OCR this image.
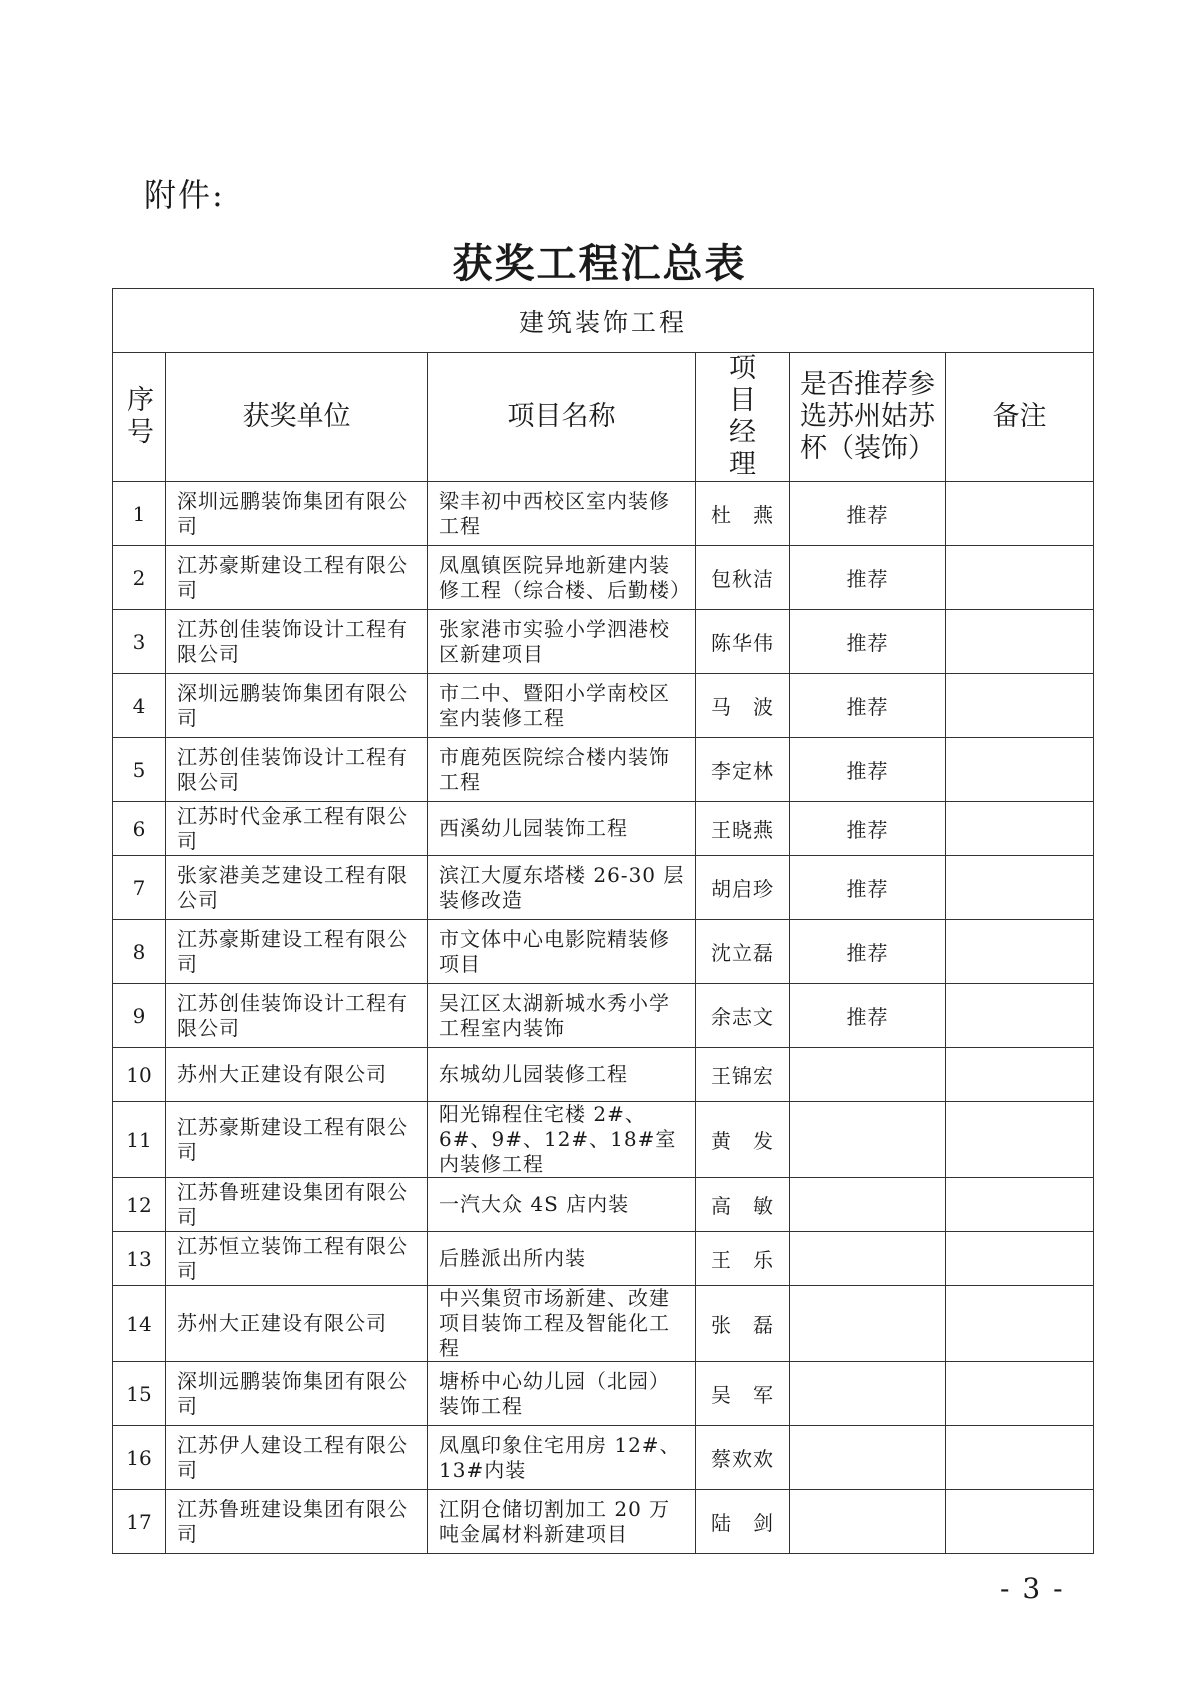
附件:
获奖工程汇总表
建筑装饰工程					
序号	获奖单位	项目名称	项目经理	是否推荐参选苏州姑苏杯（装饰）	备注
1	深圳远鹏装饰集团有限公司	梁丰初中西校区室内装修工程	杜　燕	推荐	
2	江苏豪斯建设工程有限公司	凤凰镇医院异地新建内装修工程（综合楼、后勤楼）	包秋洁	推荐	
3	江苏创佳装饰设计工程有限公司	张家港市实验小学泗港校区新建项目	陈华伟	推荐	
4	深圳远鹏装饰集团有限公司	市二中、暨阳小学南校区室内装修工程	马　波	推荐	
5	江苏创佳装饰设计工程有限公司	市鹿苑医院综合楼内装饰工程	李定林	推荐	
6	江苏时代金承工程有限公司	西溪幼儿园装饰工程	王晓燕	推荐	
7	张家港美芝建设工程有限公司	滨江大厦东塔楼 26-30 层装修改造	胡启珍	推荐	
8	江苏豪斯建设工程有限公司	市文体中心电影院精装修项目	沈立磊	推荐	
9	江苏创佳装饰设计工程有限公司	吴江区太湖新城水秀小学工程室内装饰	余志文	推荐	
10	苏州大正建设有限公司	东城幼儿园装修工程	王锦宏		
11	江苏豪斯建设工程有限公司	阳光锦程住宅楼 2#、6#、9#、12#、18#室内装修工程	黄　发		
12	江苏鲁班建设集团有限公司	一汽大众 4S 店内装	高　敏		
13	江苏恒立装饰工程有限公司	后塍派出所内装	王　乐		
14	苏州大正建设有限公司	中兴集贸市场新建、改建项目装饰工程及智能化工程	张　磊		
15	深圳远鹏装饰集团有限公司	塘桥中心幼儿园（北园）装饰工程	吴　军		
16	江苏伊人建设工程有限公司	凤凰印象住宅用房 12#、13#内装	蔡欢欢		
17	江苏鲁班建设集团有限公司	江阴仓储切割加工 20 万吨金属材料新建项目	陆　剑		
- 3 -
